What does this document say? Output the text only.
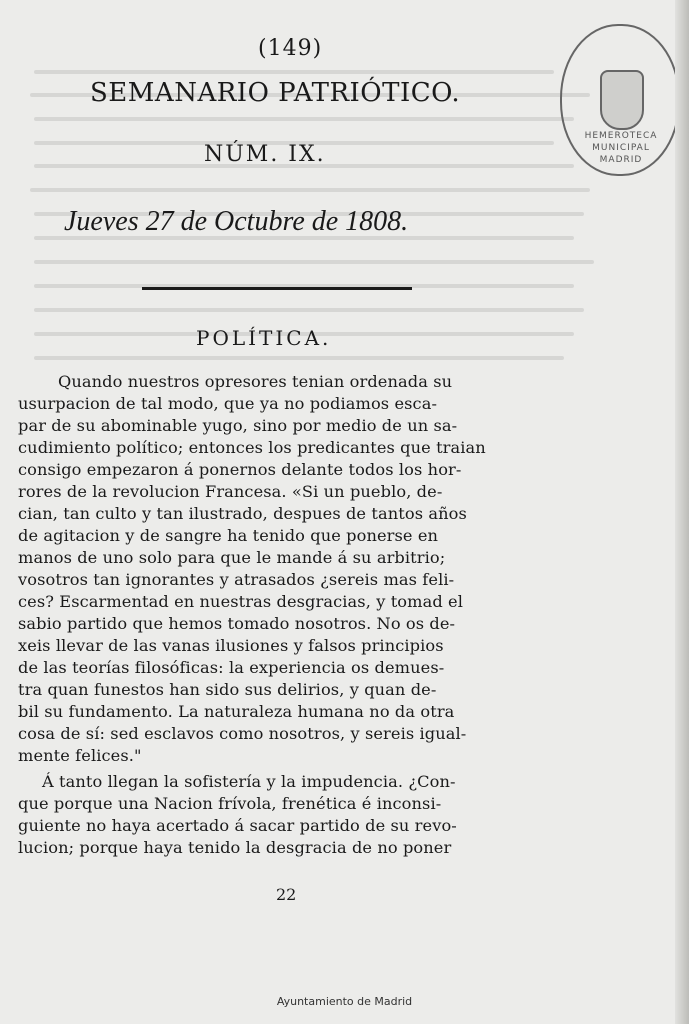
(149)
SEMANARIO PATRIÓTICO.
NÚM. IX.
Jueves 27 de Octubre de 1808.
POLÍTICA.
Quando nuestros opresores tenian ordenada su
usurpacion de tal modo, que ya no podiamos esca-
par de su abominable yugo, sino por medio de un sa-
cudimiento político; entonces los predicantes que traian
consigo empezaron á ponernos delante todos los hor-
rores de la revolucion Francesa. «Si un pueblo, de-
cian, tan culto y tan ilustrado, despues de tantos años
de agitacion y de sangre ha tenido que ponerse en
manos de uno solo para que le mande á su arbitrio;
vosotros tan ignorantes y atrasados ¿sereis mas feli-
ces? Escarmentad en nuestras desgracias, y tomad el
sabio partido que hemos tomado nosotros. No os de-
xeis llevar de las vanas ilusiones y falsos principios
de las teorías filosóficas: la experiencia os demues-
tra quan funestos han sido sus delirios, y quan de-
bil su fundamento. La naturaleza humana no da otra
cosa de sí: sed esclavos como nosotros, y sereis igual-
mente felices."
Á tanto llegan la sofistería y la impudencia. ¿Con-
que porque una Nacion frívola, frenética é inconsi-
guiente no haya acertado á sacar partido de su revo-
lucion; porque haya tenido la desgracia de no poner
22
HEMEROTECA MUNICIPAL MADRID
Ayuntamiento de Madrid
